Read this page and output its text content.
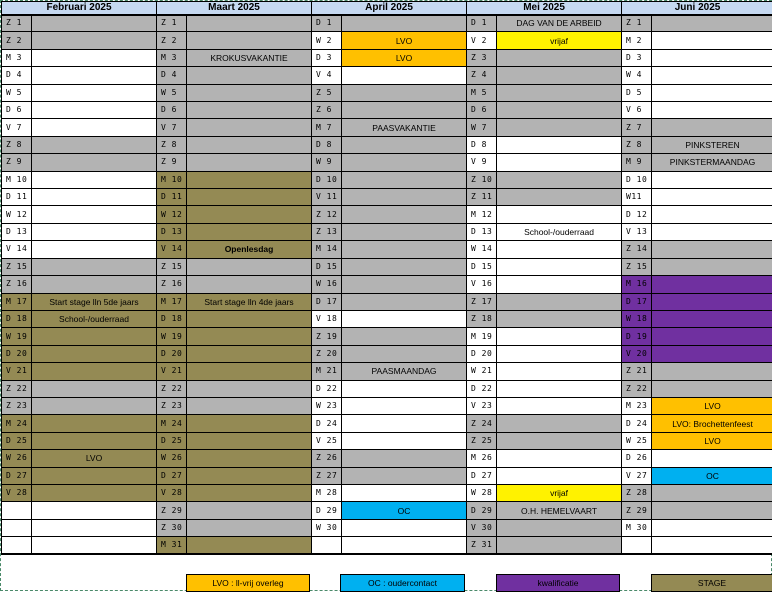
Februari 2025		Maart 2025		April 2025		Mei 2025		Juni 2025	
Z 1		Z 1		D 1		D 1	DAG VAN DE ARBEID	Z 1	
Z 2		Z 2		W 2	LVO	V 2	vrijaf	M 2	
M 3		M 3	KROKUSVAKANTIE	D 3	LVO	Z 3		D 3	
D 4		D 4		V 4		Z 4		W 4	
W 5		W 5		Z 5		M 5		D 5	
D 6		D 6		Z 6		D 6		V 6	
V 7		V 7		M 7	PAASVAKANTIE	W 7		Z 7	
Z 8		Z 8		D 8		D 8		Z 8	PINKSTEREN
Z 9		Z 9		W 9		V 9		M 9	PINKSTERMAANDAG
M 10		M 10		D 10		Z 10		D 10	
D 11		D 11		V 11		Z 11		W11	
W 12		W 12		Z 12		M 12		D 12	
D 13		D 13		Z 13		D 13	School-/ouderraad	V 13	
V 14		V 14	Openlesdag	M 14		W 14		Z 14	
Z 15		Z 15		D 15		D 15		Z 15	
Z 16		Z 16		W 16		V 16		M 16	
M 17	Start stage lln 5de jaars	M 17	Start stage lln 4de jaars	D 17		Z 17		D 17	
D 18	School-/ouderraad	D 18		V 18		Z 18		W 18	
W 19		W 19		Z 19		M 19		D 19	
D 20		D 20		Z 20		D 20		V 20	
V 21		V 21		M 21	PAASMAANDAG	W 21		Z 21	
Z 22		Z 22		D 22		D 22		Z 22	
Z 23		Z 23		W 23		V 23		M 23	LVO
M 24		M 24		D 24		Z 24		D 24	LVO: Brochettenfeest
D 25		D 25		V 25		Z 25		W 25	LVO
W 26	LVO	W 26		Z 26		M 26		D 26	
D 27		D 27		Z 27		D 27		V 27	OC
V 28		V 28		M 28		W 28	vrijaf	Z 28	
		Z 29		D 29	OC	D 29	O.H. HEMELVAART	Z 29	
		Z 30		W 30		V 30		M 30	
		M 31				Z 31			
LVO : ll-vrij overleg	OC : oudercontact	kwalificatie	STAGE
